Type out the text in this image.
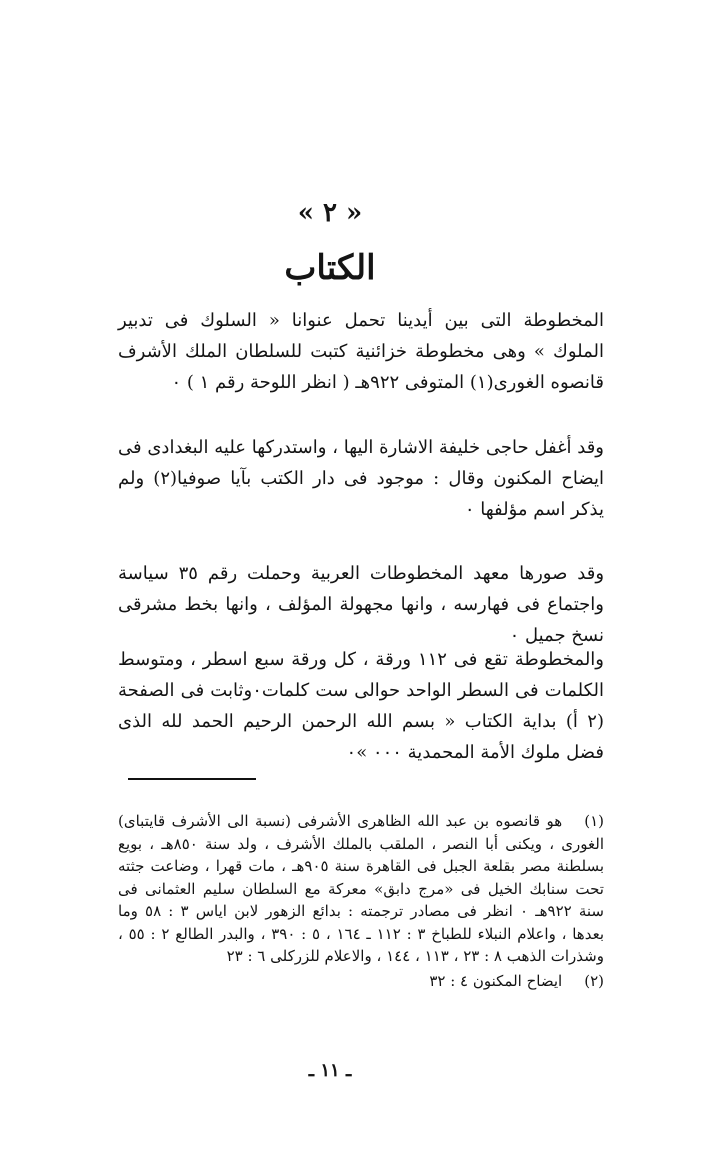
« ٢ »
الكتاب

المخطوطة التى بين أيدينا تحمل عنوانا « السلوك فى تدبير الملوك » وهى مخطوطة خزائنية كتبت للسلطان الملك الأشرف قانصوه الغورى(١) المتوفى ٩٢٢هـ ( انظر اللوحة رقم ١ ) ٠

وقد أغفل حاجى خليفة الاشارة اليها ، واستدركها عليه البغدادى فى ايضاح المكنون وقال : موجود فى دار الكتب بآيا صوفيا(٢) ولم يذكر اسم مؤلفها ٠

وقد صورها معهد المخطوطات العربية وحملت رقم ٣٥ سياسة واجتماع فى فهارسه ، وانها مجهولة المؤلف ، وانها بخط مشرقى نسخ جميل ٠

والمخطوطة تقع فى ١١٢ ورقة ، كل ورقة سبع اسطر ، ومتوسط الكلمات فى السطر الواحد حوالى ست كلمات٠وثابت فى الصفحة (٢ أ) بداية الكتاب « بسم الله الرحمن الرحيم الحمد لله الذى فضل ملوك الأمة المحمدية ٠٠٠ »٠

(١)هو قانصوه بن عبد الله الظاهرى الأشرفى (نسبة الى الأشرف قايتباى) الغورى ، ويكنى أبا النصر ، الملقب بالملك الأشرف ، ولد سنة ٨٥٠هـ ، بويع بسلطنة مصر بقلعة الجبل فى القاهرة سنة ٩٠٥هـ ، مات قهرا ، وضاعت جثته تحت سنابك الخيل فى «مرج دابق» معركة مع السلطان سليم العثمانى فى سنة ٩٢٢هـ ٠ انظر فى مصادر ترجمته : بدائع الزهور لابن اياس ٣ : ٥٨ وما بعدها ، واعلام النبلاء للطباخ ٣ : ١١٢ ـ ١٦٤ ، ٥ : ٣٩٠ ، والبدر الطالع ٢ : ٥٥ ، وشذرات الذهب ٨ : ٢٣ ، ١١٣ ، ١٤٤ ، والاعلام للزركلى ٦ : ٢٣

(٢)ايضاح المكنون ٤ : ٣٢

ـ ١١ ـ
